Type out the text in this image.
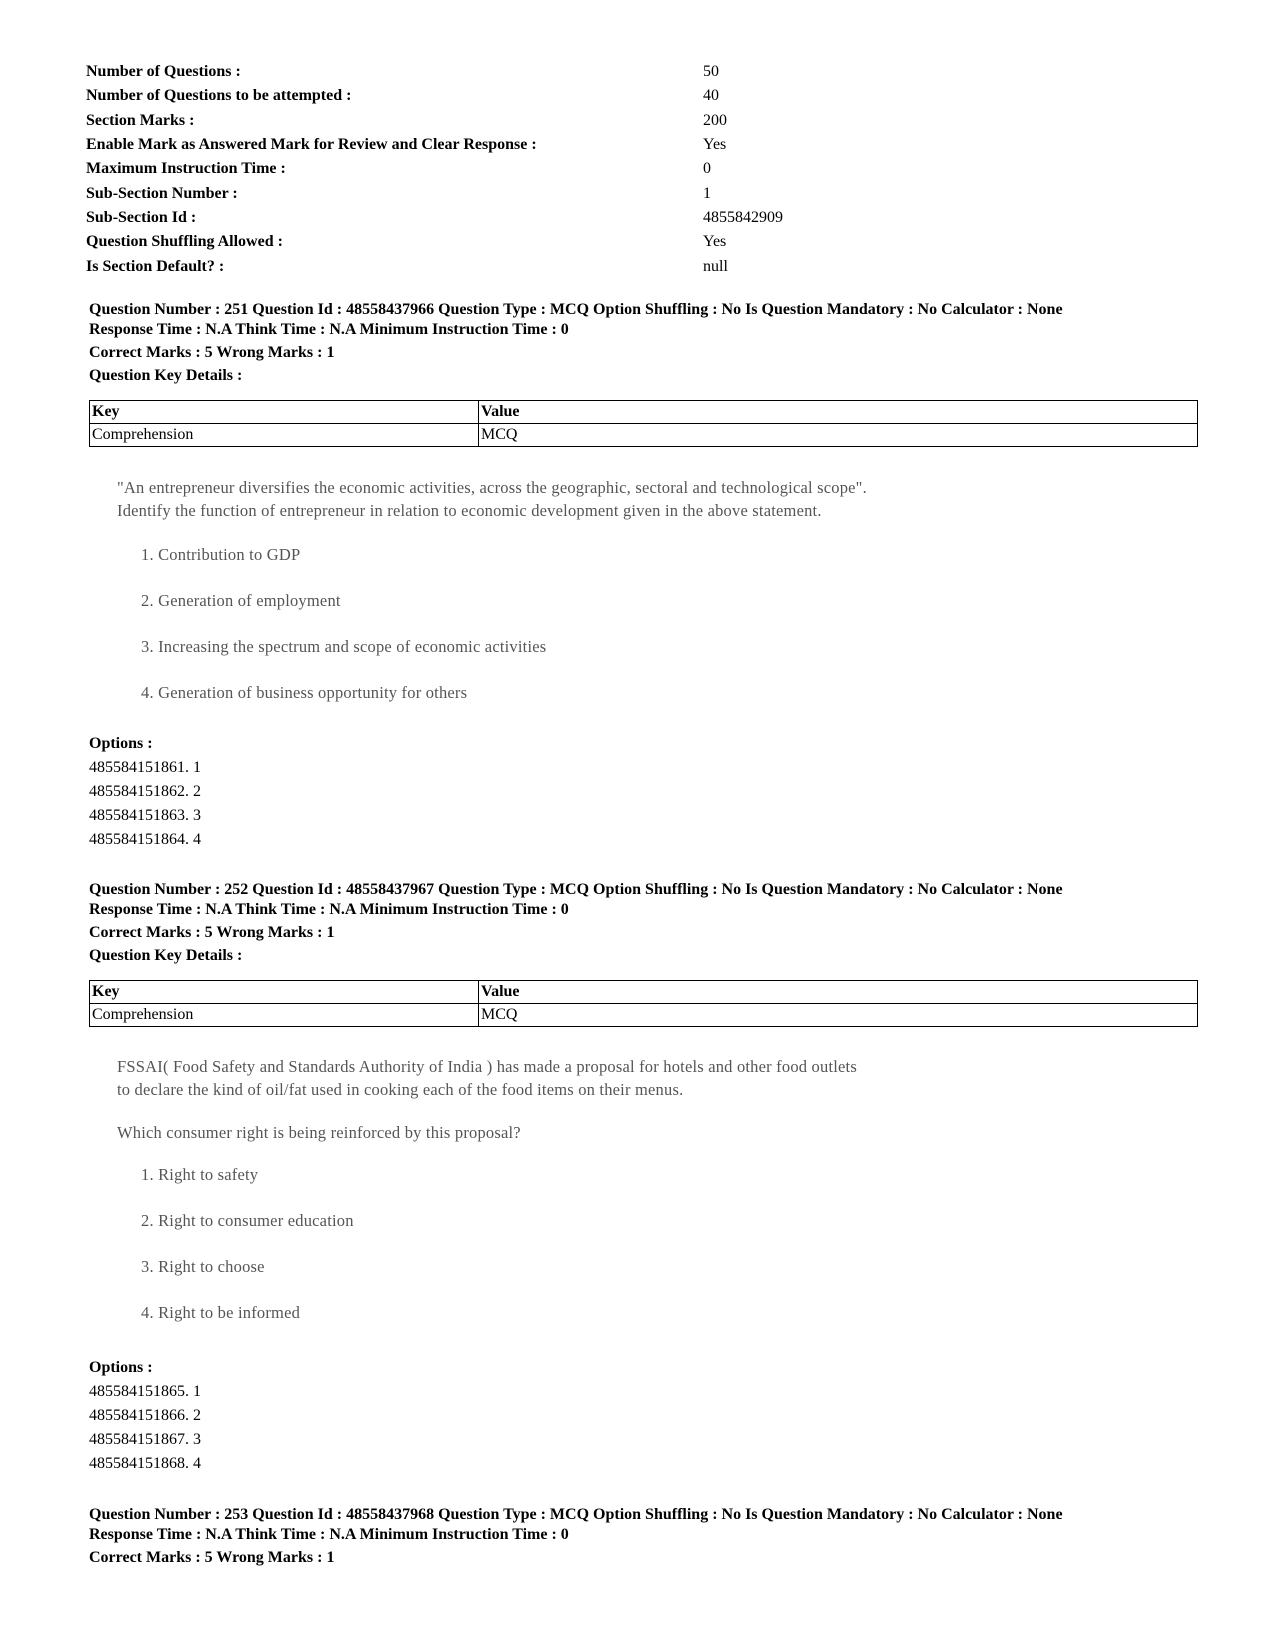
Number of Questions :	50
Number of Questions to be attempted :	40
Section Marks :	200
Enable Mark as Answered Mark for Review and Clear Response :	Yes
Maximum Instruction Time :	0
Sub-Section Number :	1
Sub-Section Id :	4855842909
Question Shuffling Allowed :	Yes
Is Section Default? :	null
Question Number : 251 Question Id : 48558437966 Question Type : MCQ Option Shuffling : No Is Question Mandatory : No Calculator : None
Response Time : N.A Think Time : N.A Minimum Instruction Time : 0
Correct Marks : 5 Wrong Marks : 1
Question Key Details :
Key	Value
Comprehension	MCQ
"An entrepreneur diversifies the economic activities, across the geographic, sectoral and technological scope".
Identify the function of entrepreneur in relation to economic development given in the above statement.
1. Contribution to GDP
2. Generation of employment
3. Increasing the spectrum and scope of economic activities
4. Generation of business opportunity for others
Options :
485584151861. 1
485584151862. 2
485584151863. 3
485584151864. 4
Question Number : 252 Question Id : 48558437967 Question Type : MCQ Option Shuffling : No Is Question Mandatory : No Calculator : None
Response Time : N.A Think Time : N.A Minimum Instruction Time : 0
Correct Marks : 5 Wrong Marks : 1
Question Key Details :
Key	Value
Comprehension	MCQ
FSSAI( Food Safety and Standards Authority of India ) has made a proposal for hotels and other food outlets
to declare the kind of oil/fat used in cooking each of the food items on their menus.
Which consumer right is being reinforced by this proposal?
1. Right to safety
2. Right to consumer education
3. Right to choose
4. Right to be informed
Options :
485584151865. 1
485584151866. 2
485584151867. 3
485584151868. 4
Question Number : 253 Question Id : 48558437968 Question Type : MCQ Option Shuffling : No Is Question Mandatory : No Calculator : None
Response Time : N.A Think Time : N.A Minimum Instruction Time : 0
Correct Marks : 5 Wrong Marks : 1
